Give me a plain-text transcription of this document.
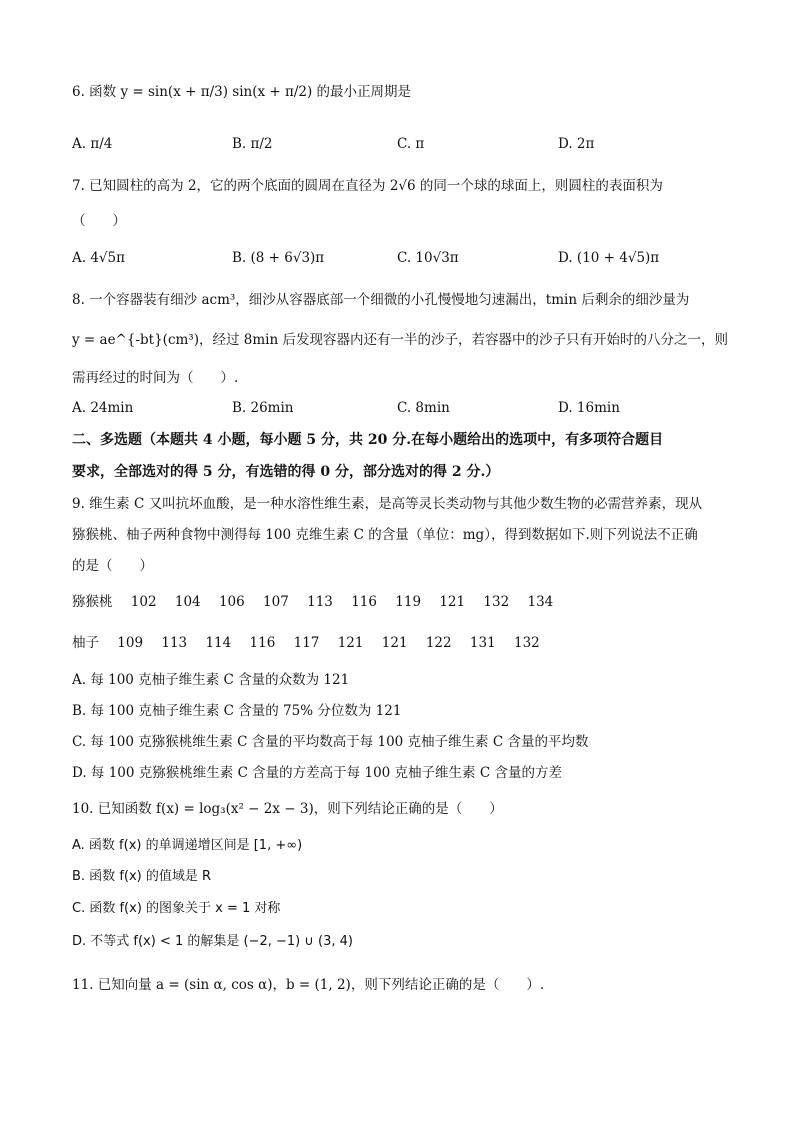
6. 函数 y = sin(x + π/3) sin(x + π/2) 的最小正周期是
A. π/4	B. π/2	C. π	D. 2π
7. 已知圆柱的高为 2，它的两个底面的圆周在直径为 2√6 的同一个球的球面上，则圆柱的表面积为
（　　）
A. 4√5π	B. (8 + 6√3)π	C. 10√3π	D. (10 + 4√5)π
8. 一个容器装有细沙 acm³，细沙从容器底部一个细微的小孔慢慢地匀速漏出，tmin 后剩余的细沙量为
y = ae^{-bt}(cm³)，经过 8min 后发现容器内还有一半的沙子，若容器中的沙子只有开始时的八分之一，则
需再经过的时间为（　　）.
A. 24min	B. 26min	C. 8min	D. 16min
二、多选题（本题共 4 小题，每小题 5 分，共 20 分.在每小题给出的选项中，有多项符合题目
要求，全部选对的得 5 分，有选错的得 0 分，部分选对的得 2 分.）
9. 维生素 C 又叫抗坏血酸，是一种水溶性维生素，是高等灵长类动物与其他少数生物的必需营养素，现从
猕猴桃、柚子两种食物中测得每 100 克维生素 C 的含量（单位：mg），得到数据如下.则下列说法不正确
的是（　　）
猕猴桃 102 104 106 107 113 116 119 121 132 134
柚子 109 113 114 116 117 121 121 122 131 132
A. 每 100 克柚子维生素 C 含量的众数为 121
B. 每 100 克柚子维生素 C 含量的 75% 分位数为 121
C. 每 100 克猕猴桃维生素 C 含量的平均数高于每 100 克柚子维生素 C 含量的平均数
D. 每 100 克猕猴桃维生素 C 含量的方差高于每 100 克柚子维生素 C 含量的方差
10. 已知函数 f(x) = log₃(x² − 2x − 3)，则下列结论正确的是（　　）
A. 函数 f(x) 的单调递增区间是 [1, +∞)
B. 函数 f(x) 的值域是 R
C. 函数 f(x) 的图象关于 x = 1 对称
D. 不等式 f(x) < 1 的解集是 (−2, −1) ∪ (3, 4)
11. 已知向量 a = (sin α, cos α)，b = (1, 2)，则下列结论正确的是（　　）.
